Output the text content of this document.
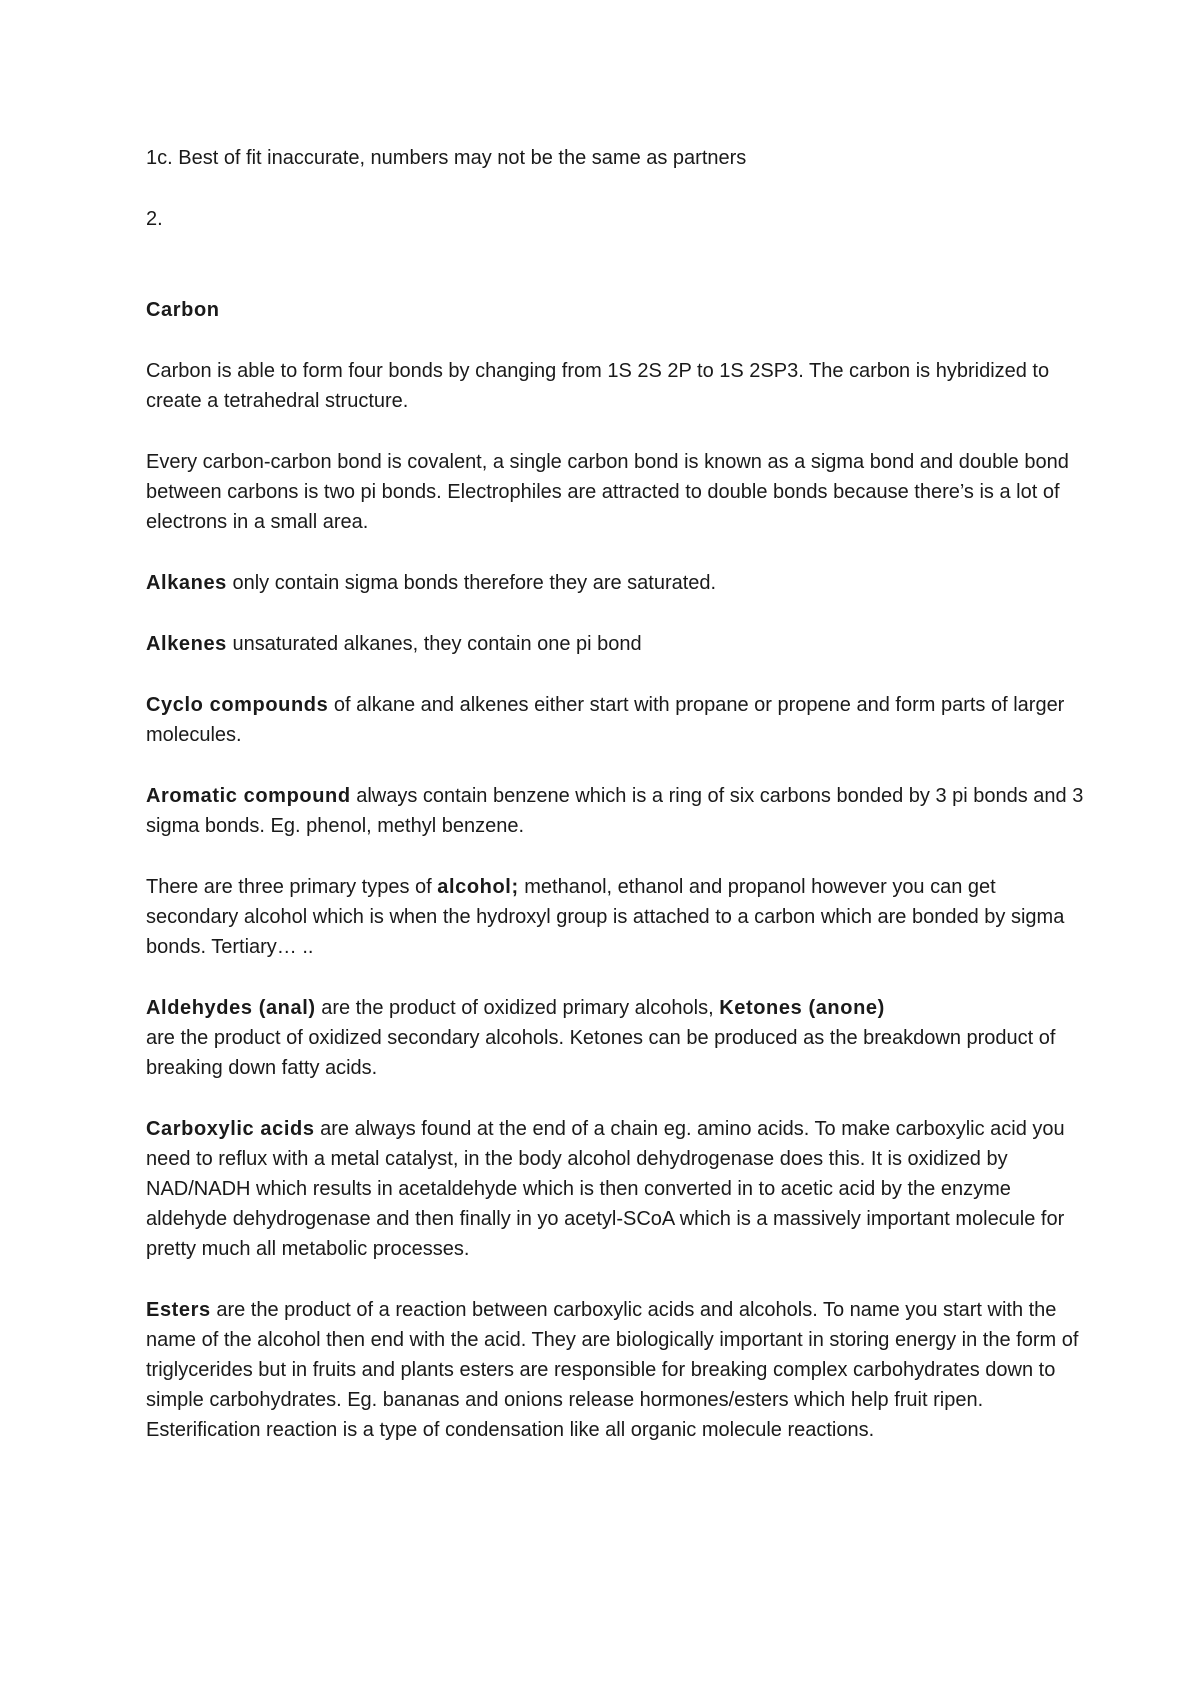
1c. Best of fit inaccurate, numbers may not be the same as partners

2.

Carbon

Carbon is able to form four bonds by changing from 1S 2S 2P to 1S 2SP3. The carbon is hybridized to create a tetrahedral structure.

Every carbon-carbon bond is covalent, a single carbon bond is known as a sigma bond and double bond between carbons is two pi bonds. Electrophiles are attracted to double bonds because there’s is a lot of electrons in a small area.

Alkanes only contain sigma bonds therefore they are saturated.

Alkenes unsaturated alkanes, they contain one pi bond

Cyclo compounds of alkane and alkenes either start with propane or propene and form parts of larger molecules.

Aromatic compound always contain benzene which is a ring of six carbons bonded by 3 pi bonds and 3 sigma bonds. Eg. phenol, methyl benzene.

There are three primary types of alcohol; methanol, ethanol and propanol however you can get secondary alcohol which is when the hydroxyl group is attached to a carbon which are bonded by sigma bonds. Tertiary… ..

Aldehydes (anal) are the product of oxidized primary alcohols, Ketones (anone)
are the product of oxidized secondary alcohols. Ketones can be produced as the breakdown product of breaking down fatty acids.

Carboxylic acids are always found at the end of a chain eg. amino acids. To make carboxylic acid you need to reflux with a metal catalyst, in the body alcohol dehydrogenase does this. It is oxidized by NAD/NADH which results in acetaldehyde which is then converted in to acetic acid by the enzyme aldehyde dehydrogenase and then finally in yo acetyl-SCoA which is a massively important molecule for pretty much all metabolic processes.

Esters are the product of a reaction between carboxylic acids and alcohols. To name you start with the name of the alcohol then end with the acid. They are biologically important in storing energy in the form of triglycerides but in fruits and plants esters are responsible for breaking complex carbohydrates down to simple carbohydrates. Eg. bananas and onions release hormones/esters which help fruit ripen. Esterification reaction is a type of condensation like all organic molecule reactions.
